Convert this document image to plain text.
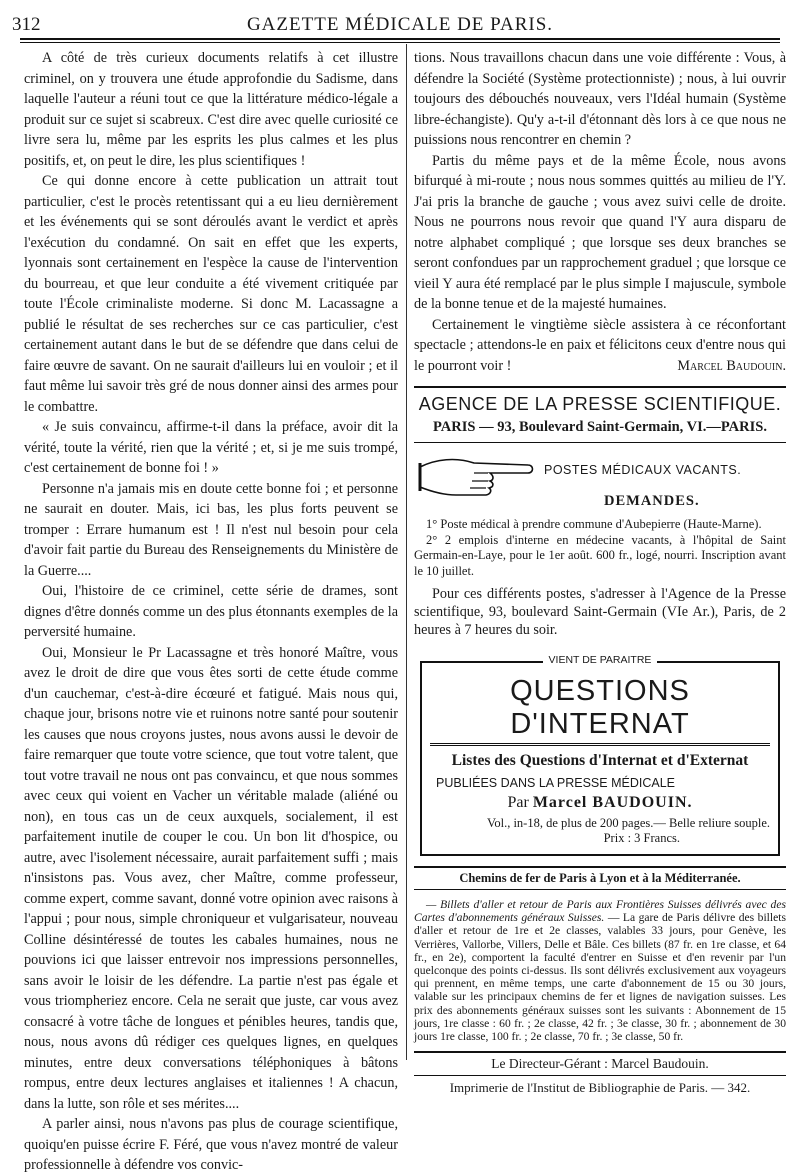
312	GAZETTE MÉDICALE DE PARIS.

A côté de très curieux documents relatifs à cet illustre criminel, on y trouvera une étude approfondie du Sadisme, dans laquelle l'auteur a réuni tout ce que la littérature médico-légale a produit sur ce sujet si scabreux. C'est dire avec quelle curiosité ce livre sera lu, même par les esprits les plus calmes et les plus positifs, et, on peut le dire, les plus scientifiques !

Ce qui donne encore à cette publication un attrait tout particulier, c'est le procès retentissant qui a eu lieu dernièrement et les événements qui se sont déroulés avant le verdict et après l'exécution du condamné. On sait en effet que les experts, lyonnais sont certainement en l'espèce la cause de l'intervention du bourreau, et que leur conduite a été vivement critiquée par toute l'École criminaliste moderne. Si donc M. Lacassagne a publié le résultat de ses recherches sur ce cas particulier, c'est certainement autant dans le but de se défendre que dans celui de faire œuvre de savant. On ne saurait d'ailleurs lui en vouloir ; et il faut même lui savoir très gré de nous donner ainsi des armes pour le combattre.

« Je suis convaincu, affirme-t-il dans la préface, avoir dit la vérité, toute la vérité, rien que la vérité ; et, si je me suis trompé, c'est certainement de bonne foi ! »

Personne n'a jamais mis en doute cette bonne foi ; et personne ne saurait en douter. Mais, ici bas, les plus forts peuvent se tromper : Errare humanum est ! Il n'est nul besoin pour cela d'avoir fait partie du Bureau des Renseignements du Ministère de la Guerre....

Oui, l'histoire de ce criminel, cette série de drames, sont dignes d'être donnés comme un des plus étonnants exemples de la perversité humaine.

Oui, Monsieur le Pr Lacassagne et très honoré Maître, vous avez le droit de dire que vous êtes sorti de cette étude comme d'un cauchemar, c'est-à-dire écœuré et fatigué. Mais nous qui, chaque jour, brisons notre vie et ruinons notre santé pour soutenir les causes que nous croyons justes, nous avons aussi le devoir de faire remarquer que toute votre science, que tout votre talent, que tout votre travail ne nous ont pas convaincu, et que nous sommes avec ceux qui voient en Vacher un véritable malade (aliéné ou non), en tous cas un de ceux auxquels, socialement, il est parfaitement inutile de couper le cou. Un bon lit d'hospice, ou autre, avec l'isolement nécessaire, aurait parfaitement suffi ; mais n'insistons pas. Vous avez, cher Maître, comme professeur, comme expert, comme savant, donné votre opinion avec raisons à l'appui ; pour nous, simple chroniqueur et vulgarisateur, nouveau Colline désintéressé de toutes les cabales humaines, nous ne pouvions ici que laisser entrevoir nos impressions personnelles, sans avoir le loisir de les défendre. La partie n'est pas égale et vous triompheriez encore. Cela ne serait que juste, car vous avez consacré à votre tâche de longues et pénibles heures, tandis que, nous, nous avons dû rédiger ces quelques lignes, en quelques minutes, entre deux conversations téléphoniques à bâtons rompus, entre deux lectures anglaises et italiennes ! A chacun, dans la lutte, son rôle et ses mérites....

A parler ainsi, nous n'avons pas plus de courage scientifique, quoiqu'en puisse écrire F. Féré, que vous n'avez montré de valeur professionnelle à défendre vos convic-

tions. Nous travaillons chacun dans une voie différente : Vous, à défendre la Société (Système protectionniste) ; nous, à lui ouvrir toujours des débouchés nouveaux, vers l'Idéal humain (Système libre-échangiste). Qu'y a-t-il d'étonnant dès lors à ce que nous ne puissions nous rencontrer en chemin ?

Partis du même pays et de la même École, nous avons bifurqué à mi-route ; nous nous sommes quittés au milieu de l'Y. J'ai pris la branche de gauche ; vous avez suivi celle de droite. Nous ne pourrons nous revoir que quand l'Y aura disparu de notre alphabet compliqué ; que lorsque ses deux branches se seront confondues par un rapprochement graduel ; que lorsque ce vieil Y aura été remplacé par le plus simple I majuscule, symbole de la bonne tenue et de la majesté humaines.

Certainement le vingtième siècle assistera à ce réconfortant spectacle ; attendons-le en paix et félicitons ceux d'entre nous qui le pourront voir !	Marcel Baudouin.

AGENCE DE LA PRESSE SCIENTIFIQUE.
PARIS — 93, Boulevard Saint-Germain, VI.—PARIS.
POSTES MÉDICAUX VACANTS.
DEMANDES.

1° Poste médical à prendre commune d'Aubepierre (Haute-Marne).

2° 2 emplois d'interne en médecine vacants, à l'hôpital de Saint Germain-en-Laye, pour le 1er août. 600 fr., logé, nourri. Inscription avant le 10 juillet.

Pour ces différents postes, s'adresser à l'Agence de la Presse scientifique, 93, boulevard Saint-Germain (VIe Ar.), Paris, de 2 heures à 7 heures du soir.

VIENT DE PARAITRE
QUESTIONS D'INTERNAT
Listes des Questions d'Internat et d'Externat
PUBLIÉES DANS LA PRESSE MÉDICALE
Par Marcel BAUDOUIN.
Vol., in-18, de plus de 200 pages.— Belle reliure souple.
Prix : 3 Francs.
Chemins de fer de Paris à Lyon et à la Méditerranée.

— Billets d'aller et retour de Paris aux Frontières Suisses délivrés avec des Cartes d'abonnements généraux Suisses. — La gare de Paris délivre des billets d'aller et retour de 1re et 2e classes, valables 33 jours, pour Genève, les Verrières, Vallorbe, Villers, Delle et Bâle. Ces billets (87 fr. en 1re classe, et 64 fr., en 2e), comportent la faculté d'entrer en Suisse et d'en revenir par l'un quelconque des points ci-dessus. Ils sont délivrés exclusivement aux voyageurs qui prennent, en même temps, une carte d'abonnement de 15 ou 30 jours, valable sur les principaux chemins de fer et lignes de navigation suisses. Les prix des abonnements généraux suisses sont les suivants : Abonnement de 15 jours, 1re classe : 60 fr. ; 2e classe, 42 fr. ; 3e classe, 30 fr. ; abonnement de 30 jours 1re classe, 100 fr. ; 2e classe, 70 fr. ; 3e classe, 50 fr.

Le Directeur-Gérant : Marcel Baudouin.
Imprimerie de l'Institut de Bibliographie de Paris. — 342.
